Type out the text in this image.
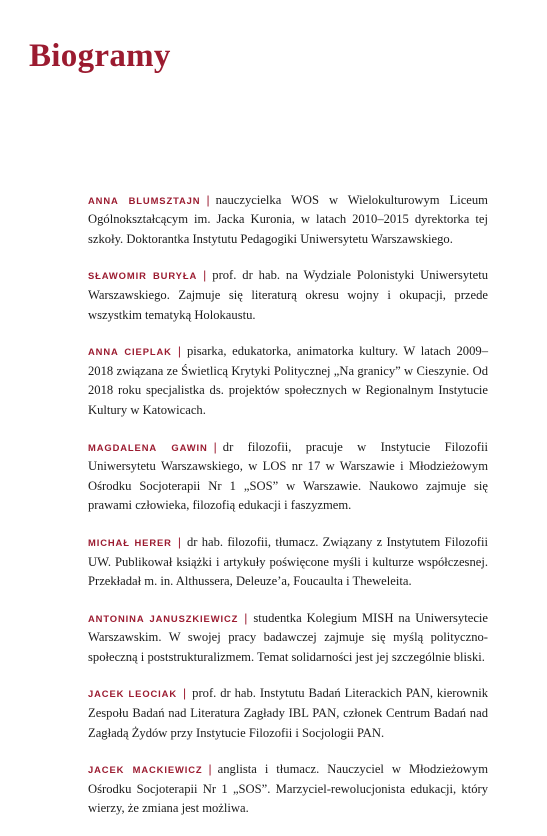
Biogramy

ANNA BLUMSZTAJN | nauczycielka WOS w Wielokulturowym Liceum Ogólnokształcącym im. Jacka Kuronia, w latach 2010–2015 dyrektorka tej szkoły. Doktorantka Instytutu Pedagogiki Uniwersytetu Warszawskiego.

SŁAWOMIR BURYŁA | prof. dr hab. na Wydziale Polonistyki Uniwersytetu Warszawskiego. Zajmuje się literaturą okresu wojny i okupacji, przede wszystkim tematyką Holokaustu.

ANNA CIEPLAK | pisarka, edukatorka, animatorka kultury. W latach 2009–2018 związana ze Świetlicą Krytyki Politycznej „Na granicy” w Cieszynie. Od 2018 roku specjalistka ds. projektów społecznych w Regionalnym Instytucie Kultury w Katowicach.

MAGDALENA GAWIN | dr filozofii, pracuje w Instytucie Filozofii Uniwersytetu Warszawskiego, w LOS nr 17 w Warszawie i Młodzieżowym Ośrodku Socjoterapii Nr 1 „SOS” w Warszawie. Naukowo zajmuje się prawami człowieka, filozofią edukacji i faszyzmem.

MICHAŁ HERER | dr hab. filozofii, tłumacz. Związany z Instytutem Filozofii UW. Publikował książki i artykuły poświęcone myśli i kulturze współczesnej. Przekładał m. in. Althussera, Deleuze’a, Foucaulta i Theweleita.

ANTONINA JANUSZKIEWICZ | studentka Kolegium MISH na Uniwersytecie Warszawskim. W swojej pracy badawczej zajmuje się myślą polityczno-społeczną i poststrukturalizmem. Temat solidarności jest jej szczególnie bliski.

JACEK LEOCIAK | prof. dr hab. Instytutu Badań Literackich PAN, kierownik Zespołu Badań nad Literatura Zagłady IBL PAN, członek Centrum Badań nad Zagładą Żydów przy Instytucie Filozofii i Socjologii PAN.

JACEK MACKIEWICZ | anglista i tłumacz. Nauczyciel w Młodzieżowym Ośrodku Socjoterapii Nr 1 „SOS”. Marzyciel-rewolucjonista edukacji, który wierzy, że zmiana jest możliwa.
